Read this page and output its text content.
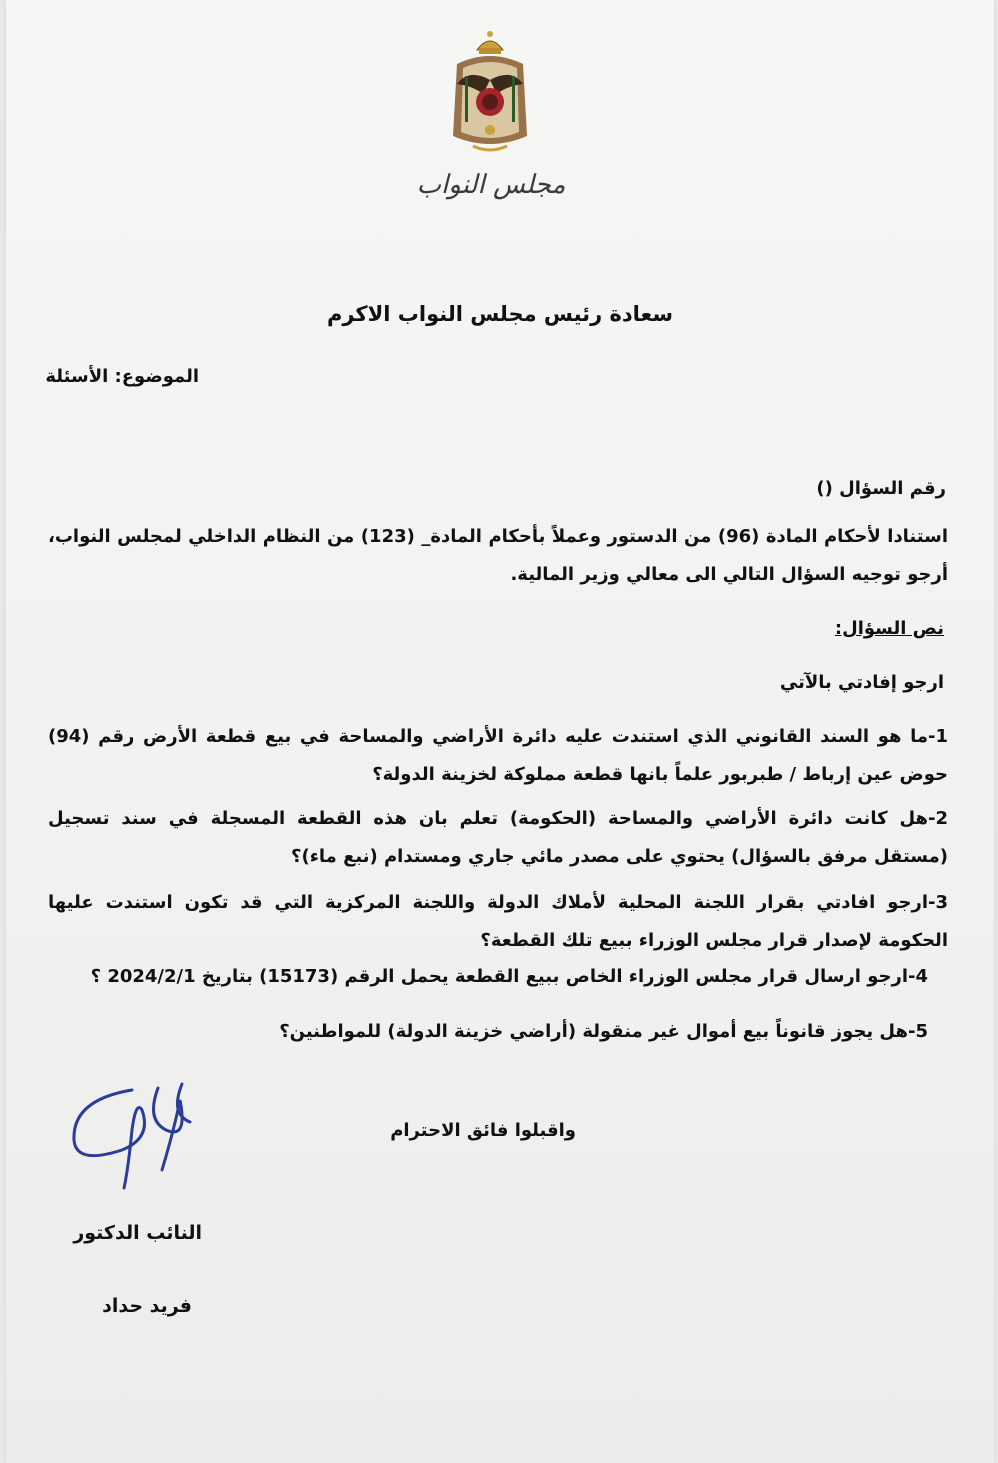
مجلس النواب
سعادة رئيس مجلس النواب الاكرم
الموضوع: الأسئلة
رقم السؤال ()
استنادا لأحكام المادة (96) من الدستور وعملاً بأحكام المادة_ (123) من النظام الداخلي لمجلس النواب، أرجو توجيه السؤال التالي الى معالي وزير المالية.
نص السؤال:
ارجو إفادتي بالآتي
1-ما هو السند القانوني الذي استندت عليه دائرة الأراضي والمساحة في بيع قطعة الأرض رقم (94) حوض عين إرباط / طبربور علماً بانها قطعة مملوكة لخزينة الدولة؟
2-هل كانت دائرة الأراضي والمساحة (الحكومة) تعلم بان هذه القطعة المسجلة في سند تسجيل (مستقل مرفق بالسؤال) يحتوي على مصدر مائي جاري ومستدام (نبع ماء)؟
3-ارجو افادتي بقرار اللجنة المحلية لأملاك الدولة واللجنة المركزية التي قد تكون استندت عليها الحكومة لإصدار قرار مجلس الوزراء ببيع تلك القطعة؟
4-ارجو ارسال قرار مجلس الوزراء الخاص ببيع القطعة يحمل الرقم (15173) بتاريخ 2024/2/1 ؟
5-هل يجوز قانوناً بيع أموال غير منقولة (أراضي خزينة الدولة) للمواطنين؟
واقبلوا فائق الاحترام
النائب الدكتور
فريد حداد
